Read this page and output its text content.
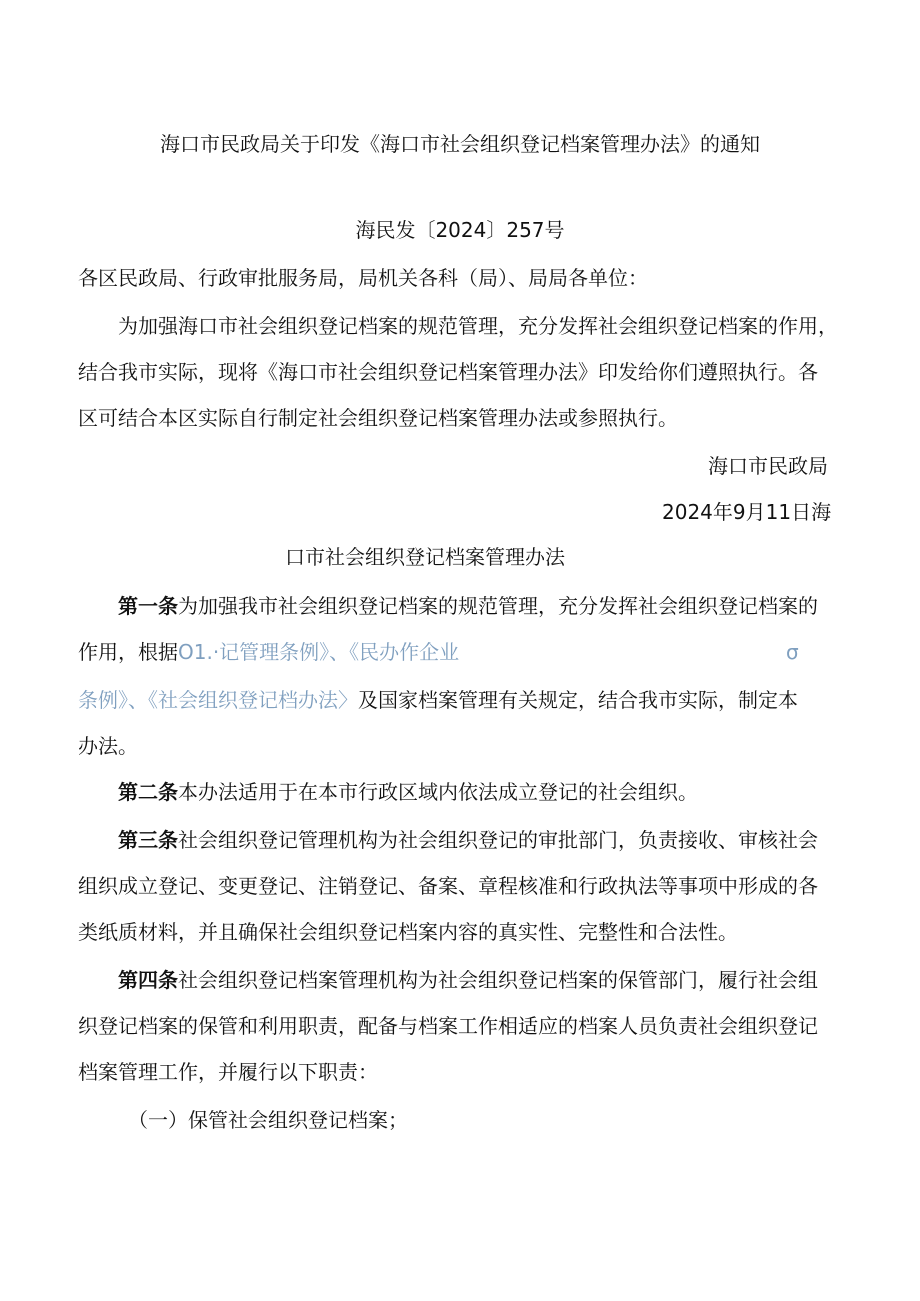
海口市民政局关于印发《海口市社会组织登记档案管理办法》的通知
海民发〔2024〕257号
各区民政局、行政审批服务局，局机关各科（局）、局局各单位：
为加强海口市社会组织登记档案的规范管理，充分发挥社会组织登记档案的作用，
结合我市实际，现将《海口市社会组织登记档案管理办法》印发给你们遵照执行。各
区可结合本区实际自行制定社会组织登记档案管理办法或参照执行。
海口市民政局
2024年9月11日海
口市社会组织登记档案管理办法
第一条为加强我市社会组织登记档案的规范管理，充分发挥社会组织登记档案的
作用，根据O1.·记管理条例》、《民办作企业	σ
条例》、《社会组织登记档办法〉及国家档案管理有关规定，结合我市实际，制定本
办法。
第二条本办法适用于在本市行政区域内依法成立登记的社会组织。
第三条社会组织登记管理机构为社会组织登记的审批部门，负责接收、审核社会
组织成立登记、变更登记、注销登记、备案、章程核准和行政执法等事项中形成的各
类纸质材料，并且确保社会组织登记档案内容的真实性、完整性和合法性。
第四条社会组织登记档案管理机构为社会组织登记档案的保管部门，履行社会组
织登记档案的保管和利用职责，配备与档案工作相适应的档案人员负责社会组织登记
档案管理工作，并履行以下职责：
（一）保管社会组织登记档案；
